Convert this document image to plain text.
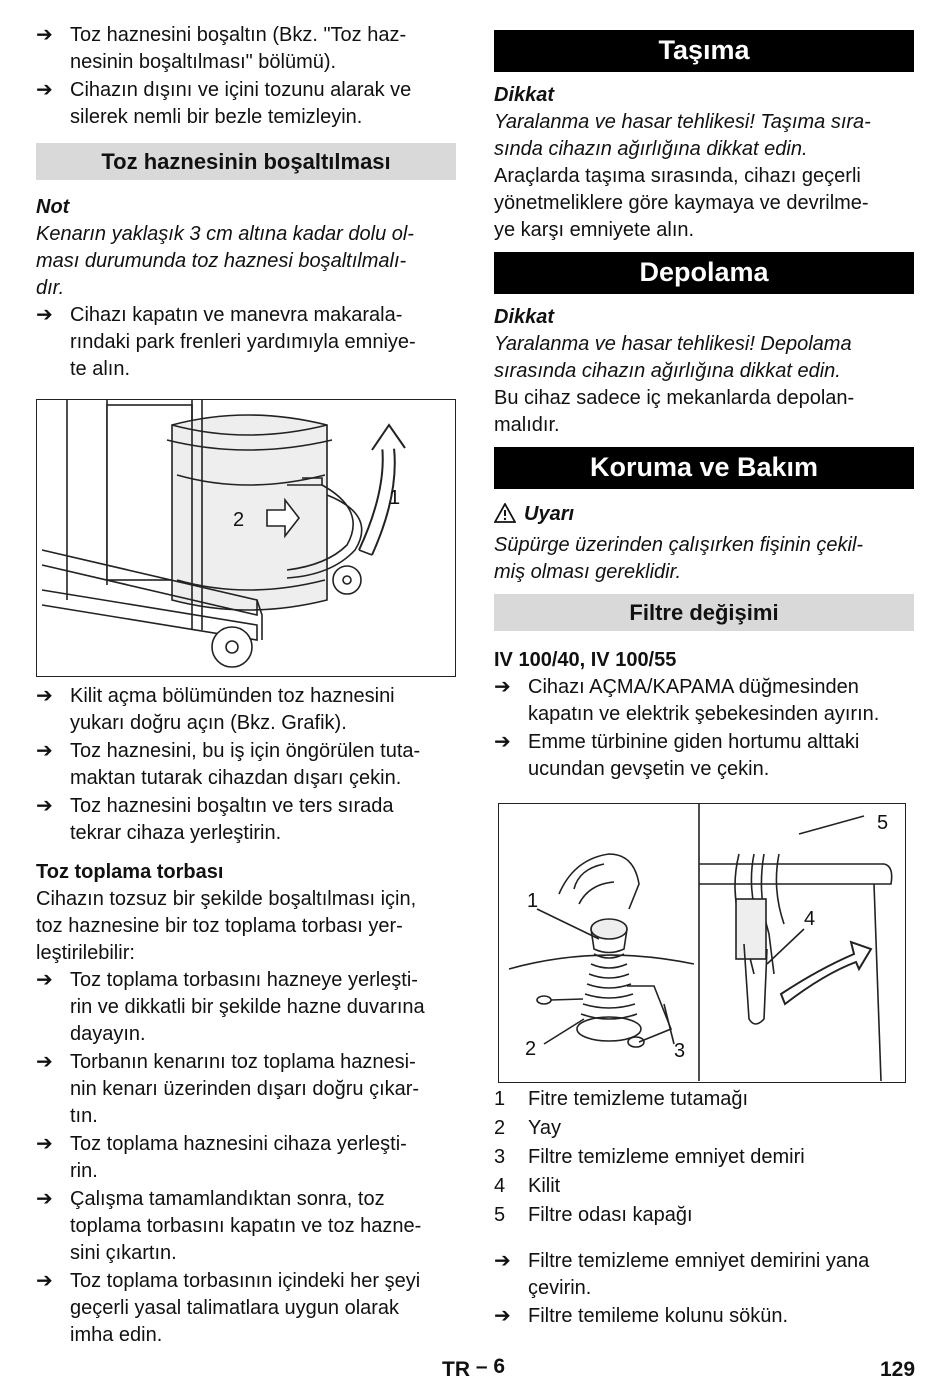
➔ Toz haznesini boşaltın (Bkz. "Toz haz-
nesinin boşaltılması" bölümü).
➔ Cihazın dışını ve içini tozunu alarak ve
silerek nemli bir bezle temizleyin.
Toz haznesinin boşaltılması
Not
Kenarın yaklaşık 3 cm altına kadar dolu ol-
ması durumunda toz haznesi boşaltılmalı-
dır.
➔ Cihazı kapatın ve manevra makarala-
rındaki park frenleri yardımıyla emniye-
te alın.
1
2
➔ Kilit açma bölümünden toz haznesini
yukarı doğru açın (Bkz. Grafik).
➔ Toz haznesini, bu iş için öngörülen tuta-
maktan tutarak cihazdan dışarı çekin.
➔ Toz haznesini boşaltın ve ters sırada
tekrar cihaza yerleştirin.
Toz toplama torbası
Cihazın tozsuz bir şekilde boşaltılması için,
toz haznesine bir toz toplama torbası yer-
leştirilebilir:
➔ Toz toplama torbasını hazneye yerleşti-
rin ve dikkatli bir şekilde hazne duvarına
dayayın.
➔ Torbanın kenarını toz toplama haznesi-
nin kenarı üzerinden dışarı doğru çıkar-
tın.
➔ Toz toplama haznesini cihaza yerleşti-
rin.
➔ Çalışma tamamlandıktan sonra, toz
toplama torbasını kapatın ve toz hazne-
sini çıkartın.
➔ Toz toplama torbasının içindeki her şeyi
geçerli yasal talimatlara uygun olarak
imha edin.
Taşıma
Dikkat
Yaralanma ve hasar tehlikesi! Taşıma sıra-
sında cihazın ağırlığına dikkat edin.
Araçlarda taşıma sırasında, cihazı geçerli
yönetmeliklere göre kaymaya ve devrilme-
ye karşı emniyete alın.
Depolama
Dikkat
Yaralanma ve hasar tehlikesi! Depolama
sırasında cihazın ağırlığına dikkat edin.
Bu cihaz sadece iç mekanlarda depolan-
malıdır.
Koruma ve Bakım
Uyarı
Süpürge üzerinden çalışırken fişinin çekil-
miş olması gereklidir.
Filtre değişimi
IV 100/40, IV 100/55
➔ Cihazı AÇMA/KAPAMA düğmesinden
kapatın ve elektrik şebekesinden ayırın.
➔ Emme türbinine giden hortumu alttaki
ucundan gevşetin ve çekin.
1
2	3
4
5
1 Fitre temizleme tutamağı
2 Yay
3 Filtre temizleme emniyet demiri
4 Kilit
5 Filtre odası kapağı
➔ Filtre temizleme emniyet demirini yana
çevirin.
➔ Filtre temileme kolunu sökün.
TR – 6	129
